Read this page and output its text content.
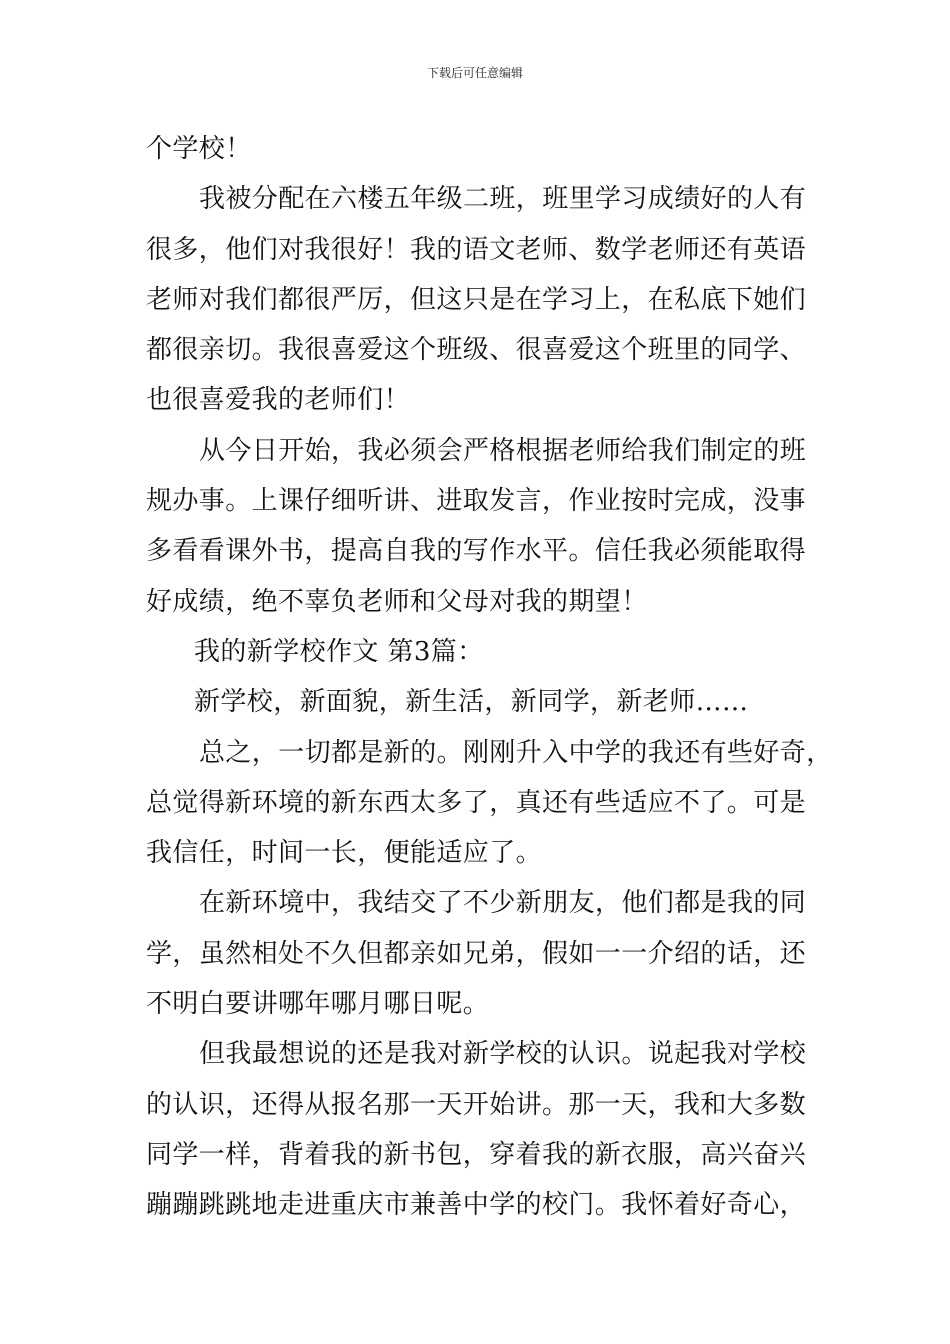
下载后可任意编辑
个学校！
我被分配在六楼五年级二班，班里学习成绩好的人有
很多，他们对我很好！我的语文老师、数学老师还有英语
老师对我们都很严厉，但这只是在学习上，在私底下她们
都很亲切。我很喜爱这个班级、很喜爱这个班里的同学、
也很喜爱我的老师们！
从今日开始，我必须会严格根据老师给我们制定的班
规办事。上课仔细听讲、进取发言，作业按时完成，没事
多看看课外书，提高自我的写作水平。信任我必须能取得
好成绩，绝不辜负老师和父母对我的期望！
我的新学校作文 第3篇：
新学校，新面貌，新生活，新同学，新老师……
总之，一切都是新的。刚刚升入中学的我还有些好奇，
总觉得新环境的新东西太多了，真还有些适应不了。可是
我信任，时间一长，便能适应了。
在新环境中，我结交了不少新朋友，他们都是我的同
学，虽然相处不久但都亲如兄弟，假如一一介绍的话，还
不明白要讲哪年哪月哪日呢。
但我最想说的还是我对新学校的认识。说起我对学校
的认识，还得从报名那一天开始讲。那一天，我和大多数
同学一样，背着我的新书包，穿着我的新衣服，高兴奋兴
蹦蹦跳跳地走进重庆市兼善中学的校门。我怀着好奇心，
